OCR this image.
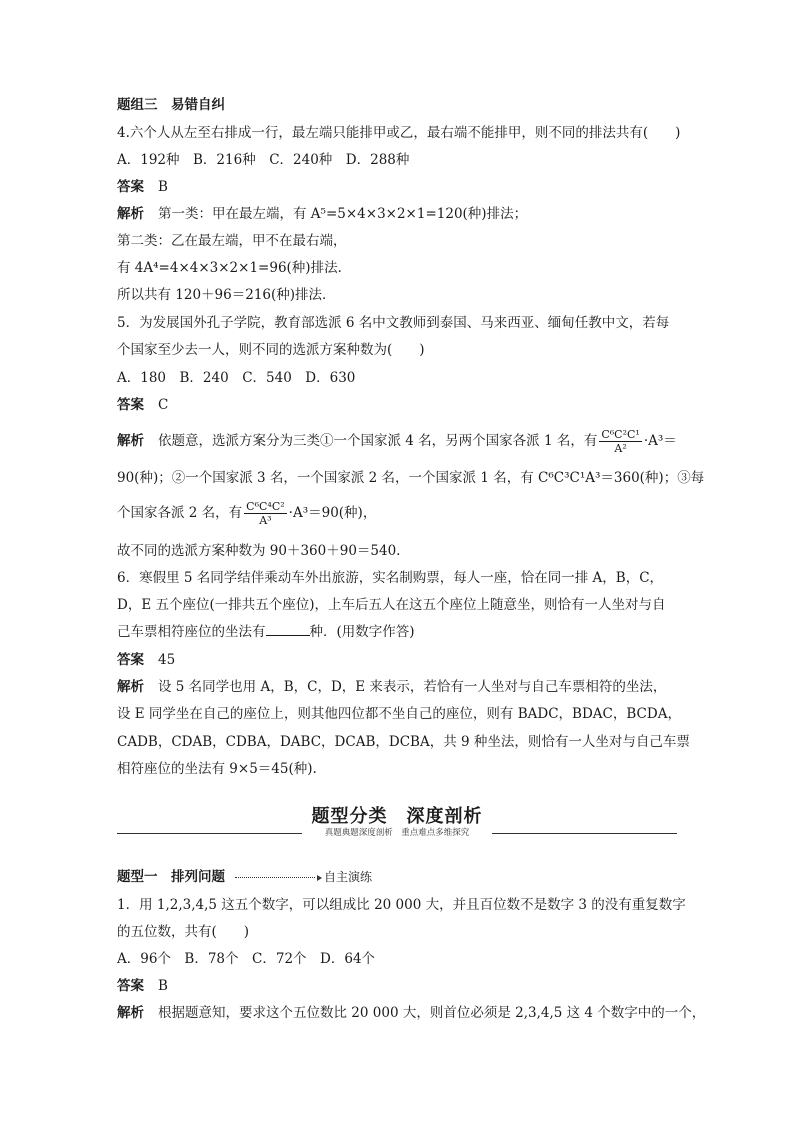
题组三　易错自纠
4.六个人从左至右排成一行，最左端只能排甲或乙，最右端不能排甲，则不同的排法共有(　　)
A．192种　B．216种　C．240种　D．288种
答案 B
解析 第一类：甲在最左端，有 A⁵=5×4×3×2×1=120(种)排法；
第二类：乙在最左端，甲不在最右端，
有 4A⁴=4×4×3×2×1=96(种)排法．
所以共有 120＋96＝216(种)排法．
5．为发展国外孔子学院，教育部选派 6 名中文教师到泰国、马来西亚、缅甸任教中文，若每
个国家至少去一人，则不同的选派方案种数为(　　)
A．180　B．240　C．540　D．630
答案 C
解析 依题意，选派方案分为三类①一个国家派 4 名，另两个国家各派 1 名，有 $\frac{\text{C⁶C²C¹}}{\text{A²}} \cdot A^3=$
90(种)；②一个国家派 3 名，一个国家派 2 名，一个国家派 1 名，有 C⁶C³C¹A³＝360(种)；③每
个国家各派 2 名，有 $\frac{\text{C⁶C⁴C²}}{\text{A³}} \cdot A^3=90$(种)，
故不同的选派方案种数为 90＋360＋90＝540.
6．寒假里 5 名同学结伴乘动车外出旅游，实名制购票，每人一座，恰在同一排 A，B，C，
D，E 五个座位(一排共五个座位)，上车后五人在这五个座位上随意坐，则恰有一人坐对与自
己车票相符座位的坐法有	种．(用数字作答)
答案 45
解析 设 5 名同学也用 A，B，C，D，E 来表示，若恰有一人坐对与自己车票相符的坐法，
设 E 同学坐在自己的座位上，则其他四位都不坐自己的座位，则有 BADC，BDAC，BCDA，
CADB，CDAB，CDBA，DABC，DCAB，DCBA，共 9 种坐法，则恰有一人坐对与自己车票
相符座位的坐法有 9×5＝45(种).
题型分类　深度剖析
真题典题深度剖析　重点难点多维探究
题型一　排列问题	自主演练
1．用 1,2,3,4,5 这五个数字，可以组成比 20 000 大，并且百位数不是数字 3 的没有重复数字
的五位数，共有(　　)
A．96个　B．78个　C．72个　D．64个
答案 B
解析 根据题意知，要求这个五位数比 20 000 大，则首位必须是 2,3,4,5 这 4 个数字中的一个，
